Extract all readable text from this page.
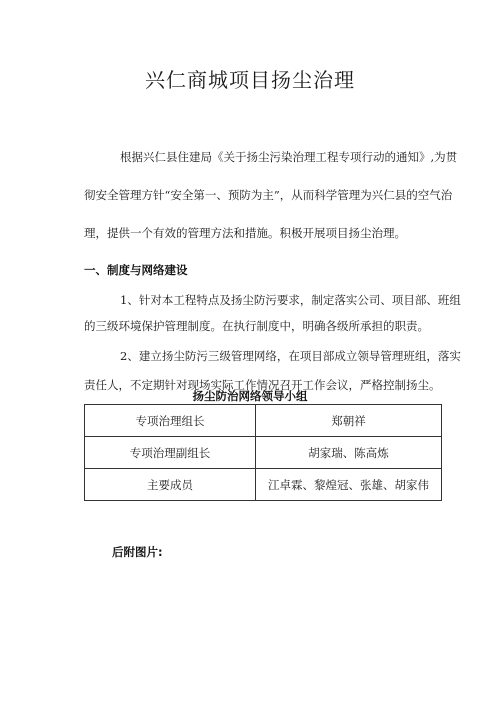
兴仁商城项目扬尘治理
根据兴仁县住建局《关于扬尘污染治理工程专项行动的通知》,为贯
彻安全管理方针“安全第一、预防为主”，从而科学管理为兴仁县的空气治
理，提供一个有效的管理方法和措施。积极开展项目扬尘治理。
一、制度与网络建设
1、针对本工程特点及扬尘防污要求，制定落实公司、项目部、班组
的三级环境保护管理制度。在执行制度中，明确各级所承担的职责。
2、建立扬尘防污三级管理网络，在项目部成立领导管理班组，落实
责任人，不定期针对现场实际工作情况召开工作会议，严格控制扬尘。
扬尘防治网络领导小组
专项治理组长	郑朝祥
专项治理副组长	胡家瑞、陈高炼
主要成员	江卓霖、黎煌冠、张雄、胡家伟
后附图片:
